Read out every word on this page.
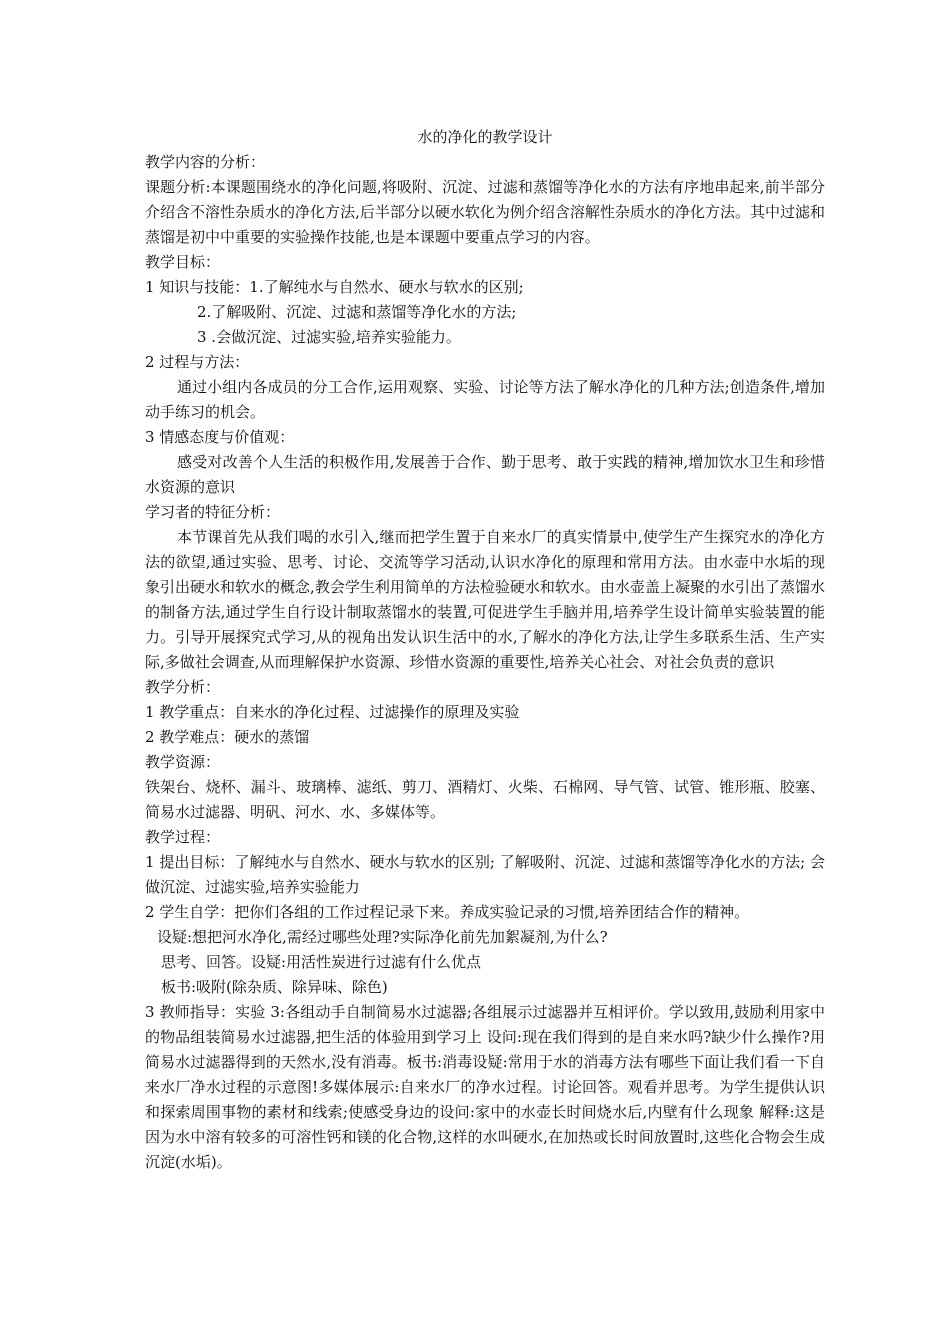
水的净化的教学设计

教学内容的分析：

课题分析:本课题围绕水的净化问题,将吸附、沉淀、过滤和蒸馏等净化水的方法有序地串起来,前半部分介绍含不溶性杂质水的净化方法,后半部分以硬水软化为例介绍含溶解性杂质水的净化方法。其中过滤和蒸馏是初中中重要的实验操作技能,也是本课题中要重点学习的内容。

教学目标：

1 知识与技能：1.了解纯水与自然水、硬水与软水的区别;

2.了解吸附、沉淀、过滤和蒸馏等净化水的方法;

3 .会做沉淀、过滤实验,培养实验能力。

2 过程与方法：

通过小组内各成员的分工合作,运用观察、实验、讨论等方法了解水净化的几种方法;创造条件,增加动手练习的机会。

3 情感态度与价值观：

感受对改善个人生活的积极作用,发展善于合作、勤于思考、敢于实践的精神,增加饮水卫生和珍惜水资源的意识

学习者的特征分析：

本节课首先从我们喝的水引入,继而把学生置于自来水厂的真实情景中,使学生产生探究水的净化方法的欲望,通过实验、思考、讨论、交流等学习活动,认识水净化的原理和常用方法。由水壶中水垢的现象引出硬水和软水的概念,教会学生利用简单的方法检验硬水和软水。由水壶盖上凝聚的水引出了蒸馏水的制备方法,通过学生自行设计制取蒸馏水的装置,可促进学生手脑并用,培养学生设计简单实验装置的能力。引导开展探究式学习,从的视角出发认识生活中的水,了解水的净化方法,让学生多联系生活、生产实际,多做社会调查,从而理解保护水资源、珍惜水资源的重要性,培养关心社会、对社会负责的意识

教学分析：

1 教学重点：自来水的净化过程、过滤操作的原理及实验

2 教学难点：硬水的蒸馏

教学资源：

铁架台、烧杯、漏斗、玻璃棒、滤纸、剪刀、酒精灯、火柴、石棉网、导气管、试管、锥形瓶、胶塞、简易水过滤器、明矾、河水、水、多媒体等。

教学过程：

1 提出目标：了解纯水与自然水、硬水与软水的区别; 了解吸附、沉淀、过滤和蒸馏等净化水的方法; 会做沉淀、过滤实验,培养实验能力

2 学生自学：把你们各组的工作过程记录下来。养成实验记录的习惯,培养团结合作的精神。

设疑:想把河水净化,需经过哪些处理?实际净化前先加絮凝剂,为什么?

思考、回答。设疑:用活性炭进行过滤有什么优点

板书:吸附(除杂质、除异味、除色)

3 教师指导：实验 3:各组动手自制简易水过滤器;各组展示过滤器并互相评价。学以致用,鼓励利用家中的物品组装简易水过滤器,把生活的体验用到学习上 设问:现在我们得到的是自来水吗?缺少什么操作?用简易水过滤器得到的天然水,没有消毒。板书:消毒设疑:常用于水的消毒方法有哪些下面让我们看一下自来水厂净水过程的示意图!多媒体展示:自来水厂的净水过程。讨论回答。观看并思考。为学生提供认识和探索周围事物的素材和线索;使感受身边的设问:家中的水壶长时间烧水后,内壁有什么现象 解释:这是因为水中溶有较多的可溶性钙和镁的化合物,这样的水叫硬水,在加热或长时间放置时,这些化合物会生成沉淀(水垢)。
